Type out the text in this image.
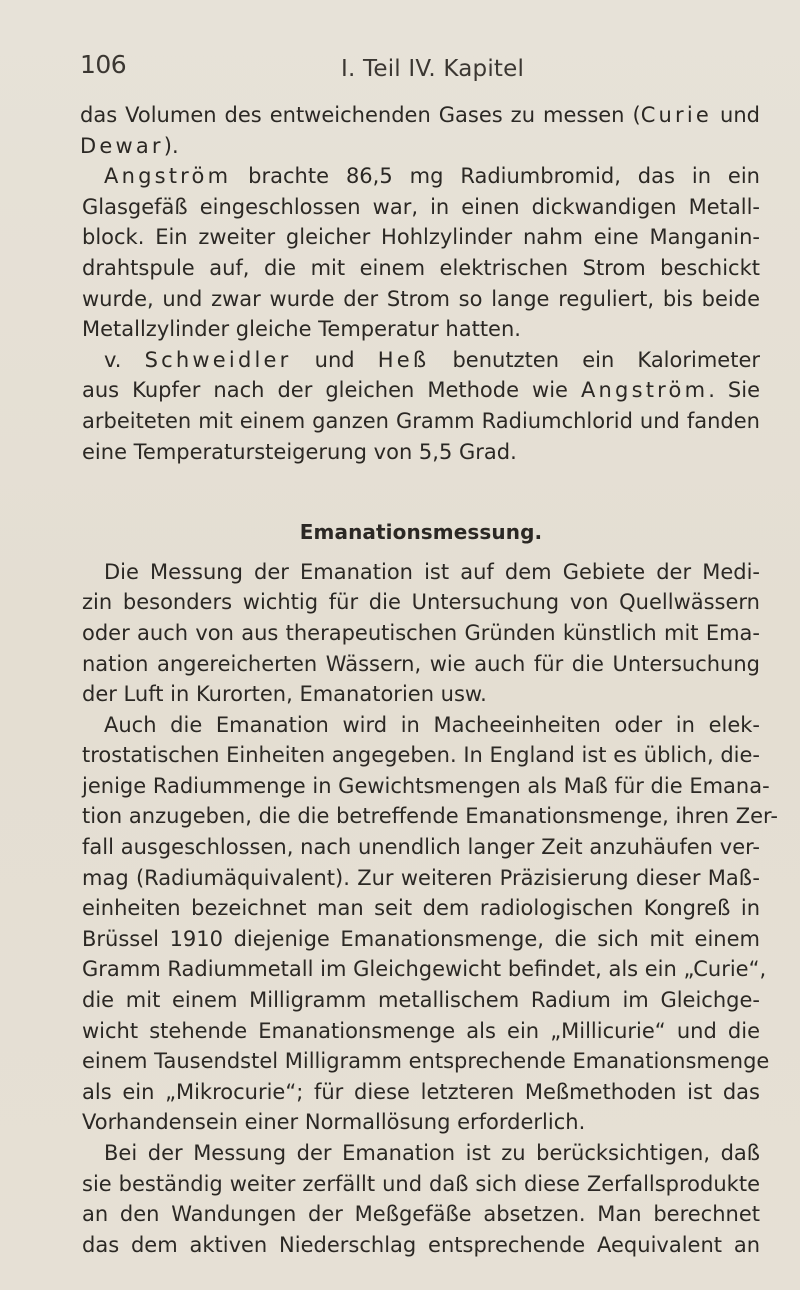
106	I. Teil IV. Kapitel
das Volumen des entweichenden Gases zu messen (Curie und
Dewar).
Angström brachte 86,5 mg Radiumbromid, das in ein
Glasgefäß eingeschlossen war, in einen dickwandigen Metall-
block. Ein zweiter gleicher Hohlzylinder nahm eine Manganin-
drahtspule auf, die mit einem elektrischen Strom beschickt
wurde, und zwar wurde der Strom so lange reguliert, bis beide
Metallzylinder gleiche Temperatur hatten.
v. Schweidler und Heß benutzten ein Kalorimeter
aus Kupfer nach der gleichen Methode wie Angström. Sie
arbeiteten mit einem ganzen Gramm Radiumchlorid und fanden
eine Temperatursteigerung von 5,5 Grad.
Emanationsmessung.
Die Messung der Emanation ist auf dem Gebiete der Medi-
zin besonders wichtig für die Untersuchung von Quellwässern
oder auch von aus therapeutischen Gründen künstlich mit Ema-
nation angereicherten Wässern, wie auch für die Untersuchung
der Luft in Kurorten, Emanatorien usw.
Auch die Emanation wird in Macheeinheiten oder in elek-
trostatischen Einheiten angegeben. In England ist es üblich, die-
jenige Radiummenge in Gewichtsmengen als Maß für die Emana-
tion anzugeben, die die betreffende Emanationsmenge, ihren Zer-
fall ausgeschlossen, nach unendlich langer Zeit anzuhäufen ver-
mag (Radiumäquivalent). Zur weiteren Präzisierung dieser Maß-
einheiten bezeichnet man seit dem radiologischen Kongreß in
Brüssel 1910 diejenige Emanationsmenge, die sich mit einem
Gramm Radiummetall im Gleichgewicht befindet, als ein „Curie“,
die mit einem Milligramm metallischem Radium im Gleichge-
wicht stehende Emanationsmenge als ein „Millicurie“ und die
einem Tausendstel Milligramm entsprechende Emanationsmenge
als ein „Mikrocurie“; für diese letzteren Meßmethoden ist das
Vorhandensein einer Normallösung erforderlich.
Bei der Messung der Emanation ist zu berücksichtigen, daß
sie beständig weiter zerfällt und daß sich diese Zerfallsprodukte
an den Wandungen der Meßgefäße absetzen. Man berechnet
das dem aktiven Niederschlag entsprechende Aequivalent an
